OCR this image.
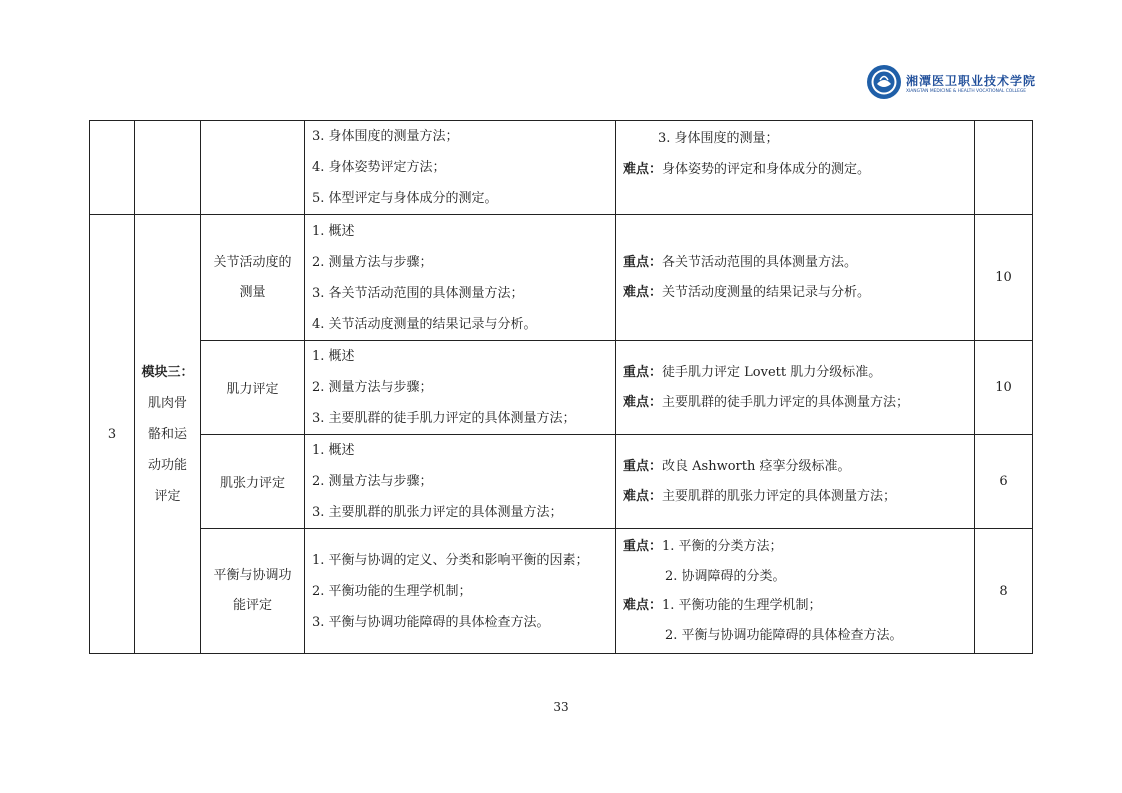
湘潭医卫职业技术学院
XIANGTAN MEDICINE & HEALTH VOCATIONAL COLLEGE

			3. 身体围度的测量方法；
4. 身体姿势评定方法；
5. 体型评定与身体成分的测定。	3. 身体围度的测量；
难点：身体姿势的评定和身体成分的测定。	

3	模块三：
肌肉骨
骼和运
动功能
评定	关节活动度的
测量	1. 概述
2. 测量方法与步骤；
3. 各关节活动范围的具体测量方法；
4. 关节活动度测量的结果记录与分析。	重点：各关节活动范围的具体测量方法。
难点：关节活动度测量的结果记录与分析。	10
		肌力评定	1. 概述
2. 测量方法与步骤；
3. 主要肌群的徒手肌力评定的具体测量方法；	重点：徒手肌力评定 Lovett 肌力分级标准。
难点：主要肌群的徒手肌力评定的具体测量方法；	10
		肌张力评定	1. 概述
2. 测量方法与步骤；
3. 主要肌群的肌张力评定的具体测量方法；	重点：改良 Ashworth 痉挛分级标准。
难点：主要肌群的肌张力评定的具体测量方法；	6

		平衡与协调功
能评定	1. 平衡与协调的定义、分类和影响平衡的因素；
2. 平衡功能的生理学机制；
3. 平衡与协调功能障碍的具体检查方法。	重点：1. 平衡的分类方法；
2. 协调障碍的分类。
难点：1. 平衡功能的生理学机制；
2. 平衡与协调功能障碍的具体检查方法。	8
33
